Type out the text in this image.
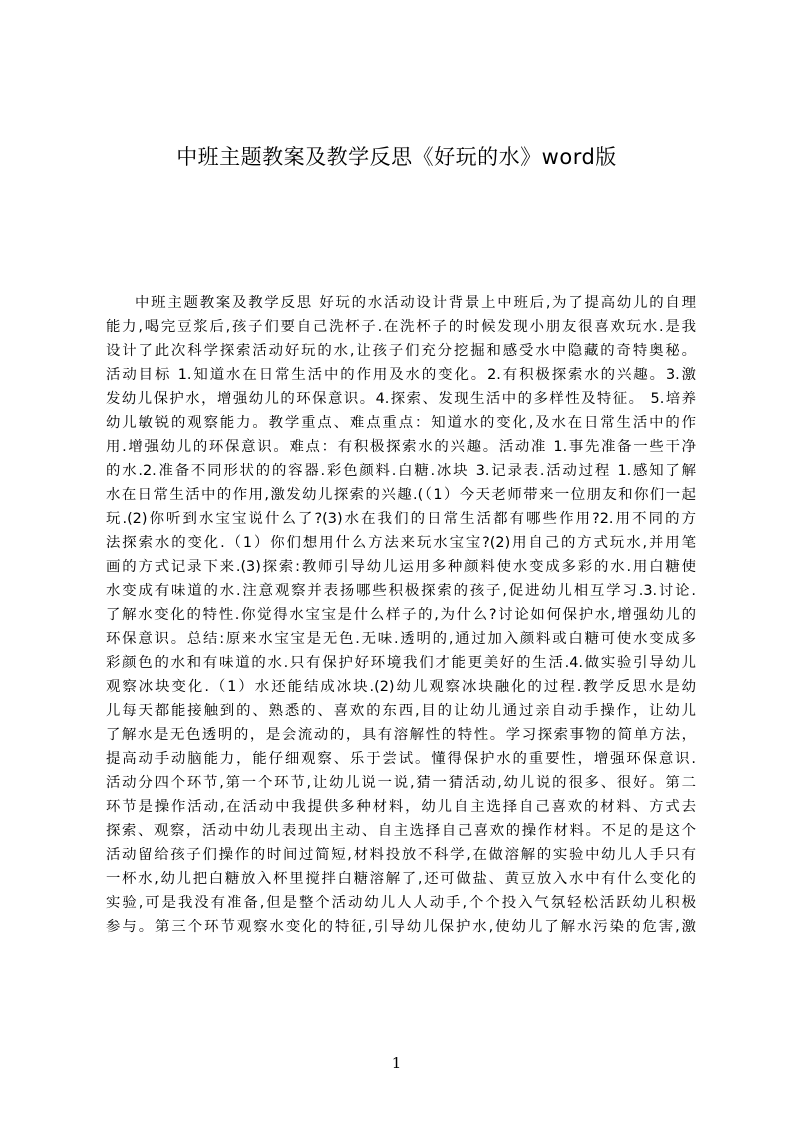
中班主题教案及教学反思《好玩的水》word版
中班主题教案及教学反思 好玩的水活动设计背景上中班后,为了提高幼儿的自理
能力,喝完豆浆后,孩子们要自己洗杯子.在洗杯子的时候发现小朋友很喜欢玩水.是我
设计了此次科学探索活动好玩的水,让孩子们充分挖掘和感受水中隐藏的奇特奥秘。
活动目标 1.知道水在日常生活中的作用及水的变化。2.有积极探索水的兴趣。3.激
发幼儿保护水，增强幼儿的环保意识。4.探索、发现生活中的多样性及特征。 5.培养
幼儿敏锐的观察能力。教学重点、难点重点：知道水的变化,及水在日常生活中的作
用.增强幼儿的环保意识。难点：有积极探索水的兴趣。活动准 1.事先准备一些干净
的水.2.准备不同形状的的容器.彩色颜料.白糖.冰块 3.记录表.活动过程 1.感知了解
水在日常生活中的作用,激发幼儿探索的兴趣.(（1）今天老师带来一位朋友和你们一起
玩.(2)你听到水宝宝说什么了?(3)水在我们的日常生活都有哪些作用?2.用不同的方
法探索水的变化.（1）你们想用什么方法来玩水宝宝?(2)用自己的方式玩水,并用笔
画的方式记录下来.(3)探索:教师引导幼儿运用多种颜料使水变成多彩的水.用白糖使
水变成有味道的水.注意观察并表扬哪些积极探索的孩子,促进幼儿相互学习.3.讨论.
了解水变化的特性.你觉得水宝宝是什么样子的,为什么?讨论如何保护水,增强幼儿的
环保意识。总结:原来水宝宝是无色.无味.透明的,通过加入颜料或白糖可使水变成多
彩颜色的水和有味道的水.只有保护好环境我们才能更美好的生活.4.做实验引导幼儿
观察冰块变化.（1）水还能结成冰块.(2)幼儿观察冰块融化的过程.教学反思水是幼
儿每天都能接触到的、熟悉的、喜欢的东西,目的让幼儿通过亲自动手操作，让幼儿
了解水是无色透明的，是会流动的，具有溶解性的特性。学习探索事物的简单方法，
提高动手动脑能力，能仔细观察、乐于尝试。懂得保护水的重要性，增强环保意识.
活动分四个环节,第一个环节,让幼儿说一说,猜一猜活动,幼儿说的很多、很好。第二
环节是操作活动,在活动中我提供多种材料，幼儿自主选择自己喜欢的材料、方式去
探索、观察，活动中幼儿表现出主动、自主选择自己喜欢的操作材料。不足的是这个
活动留给孩子们操作的时间过简短,材料投放不科学,在做溶解的实验中幼儿人手只有
一杯水,幼儿把白糖放入杯里搅拌白糖溶解了,还可做盐、黄豆放入水中有什么变化的
实验,可是我没有准备,但是整个活动幼儿人人动手,个个投入气氛轻松活跃幼儿积极
参与。第三个环节观察水变化的特征,引导幼儿保护水,使幼儿了解水污染的危害,激
1
